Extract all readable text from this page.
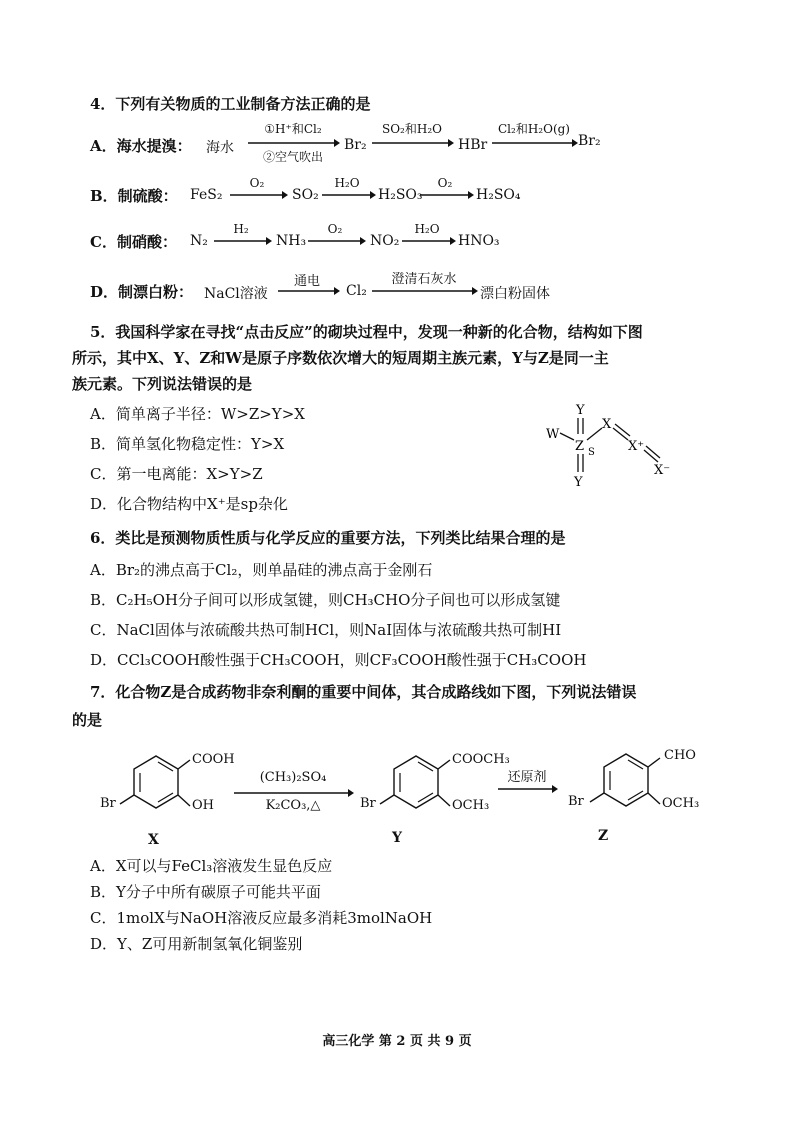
4．下列有关物质的工业制备方法正确的是
A．海水提溴： 海水
①H⁺和Cl₂
②空气吹出
Br₂
SO₂和H₂O
HBr
Cl₂和H₂O(g)
Br₂
B．制硫酸： FeS₂
O₂
SO₂
H₂O
H₂SO₃
O₂
H₂SO₄
C．制硝酸： N₂
H₂
NH₃
O₂
NO₂
H₂O
HNO₃
D．制漂白粉： NaCl溶液
通电
Cl₂
澄清石灰水
漂白粉固体
5．我国科学家在寻找“点击反应”的砌块过程中，发现一种新的化合物，结构如下图
所示，其中X、Y、Z和W是原子序数依次增大的短周期主族元素，Y与Z是同一主
族元素。下列说法错误的是
A．简单离子半径：W>Z>Y>X
B．简单氢化物稳定性：Y>X
C．第一电离能：X>Y>Z
D．化合物结构中X⁺是sp杂化
Y
W
Z S
Y
X
X⁺
X⁻
6．类比是预测物质性质与化学反应的重要方法，下列类比结果合理的是
A．Br₂的沸点高于Cl₂，则单晶硅的沸点高于金刚石
B．C₂H₅OH分子间可以形成氢键，则CH₃CHO分子间也可以形成氢键
C．NaCl固体与浓硫酸共热可制HCl，则NaI固体与浓硫酸共热可制HI
D．CCl₃COOH酸性强于CH₃COOH，则CF₃COOH酸性强于CH₃COOH
7．化合物Z是合成药物非奈利酮的重要中间体，其合成路线如下图，下列说法错误
的是
COOH
OH
Br
X
(CH₃)₂SO₄
K₂CO₃,△
COOCH₃
OCH₃
Br
Y
还原剂
CHO
OCH₃
Br
Z
A．X可以与FeCl₃溶液发生显色反应
B．Y分子中所有碳原子可能共平面
C．1molX与NaOH溶液反应最多消耗3molNaOH
D．Y、Z可用新制氢氧化铜鉴别
高三化学 第 2 页 共 9 页
